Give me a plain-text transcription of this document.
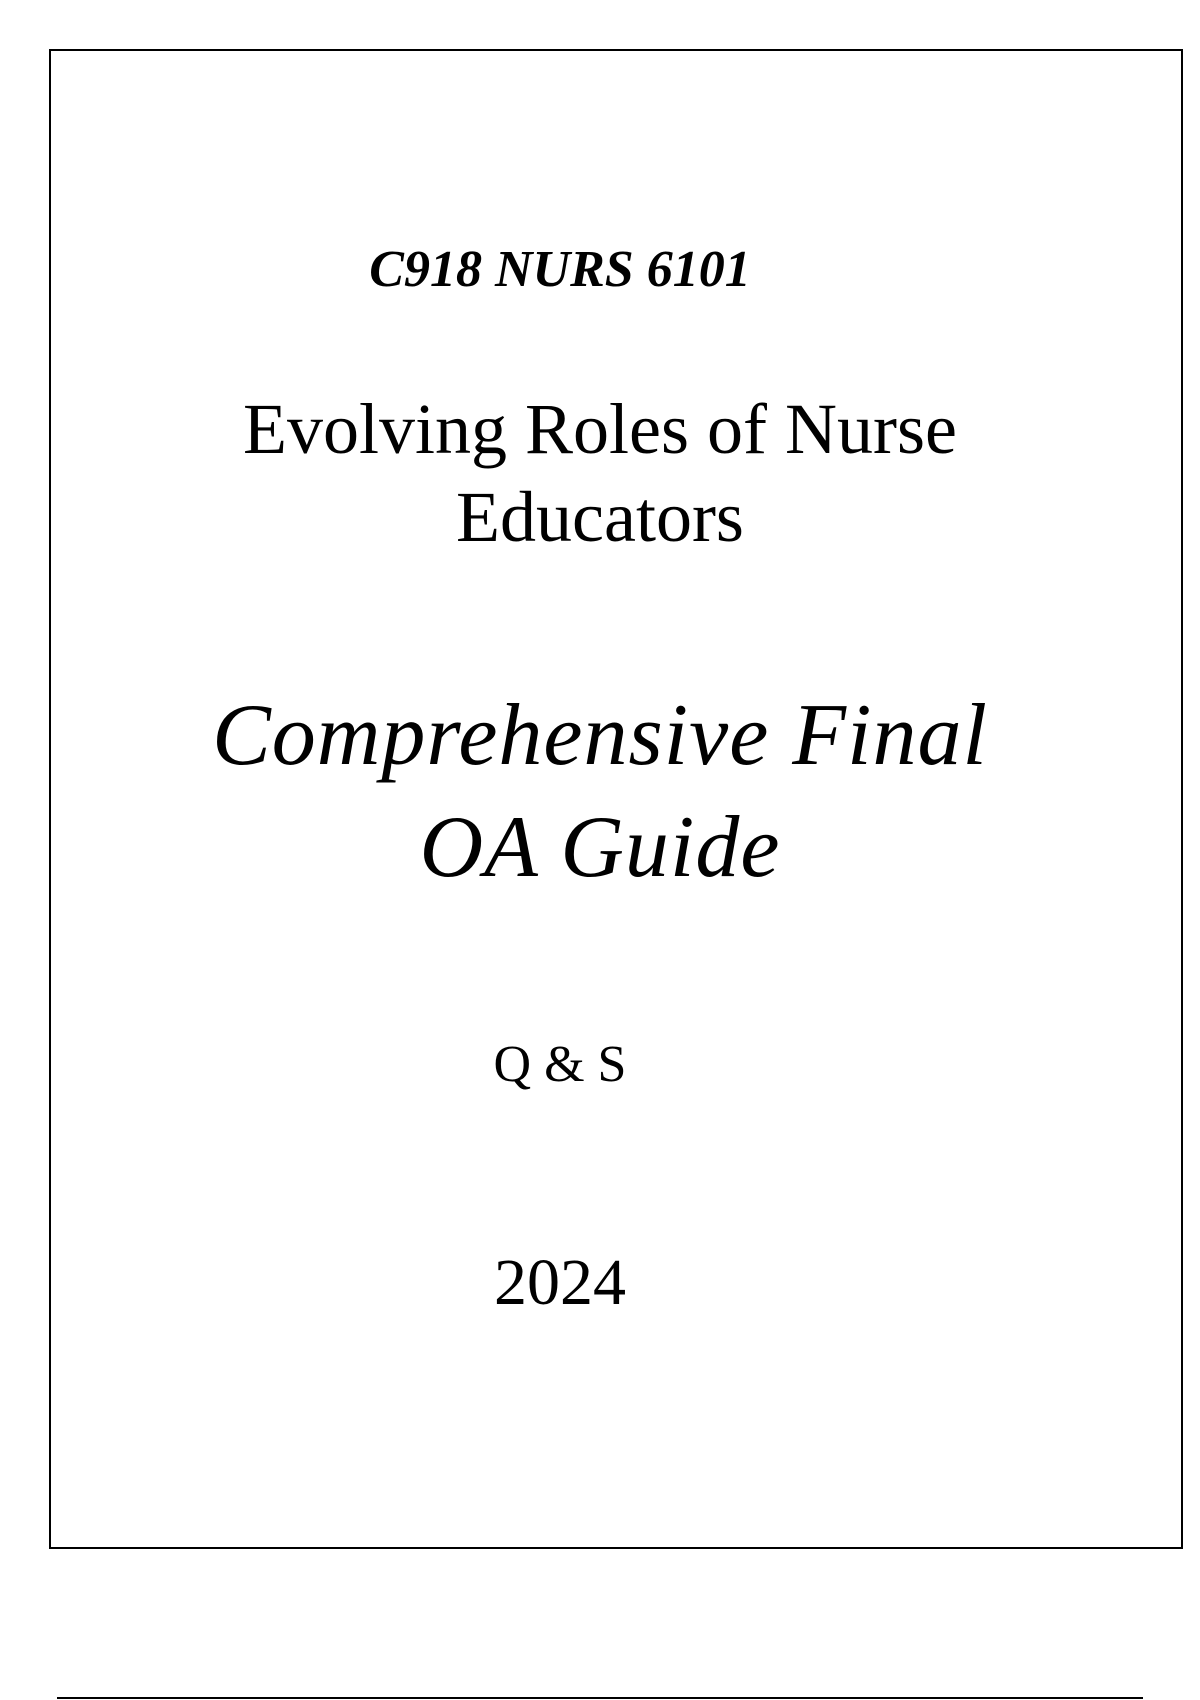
C918 NURS 6101

Evolving Roles of Nurse
Educators
Comprehensive Final
OA Guide

Q & S

2024
